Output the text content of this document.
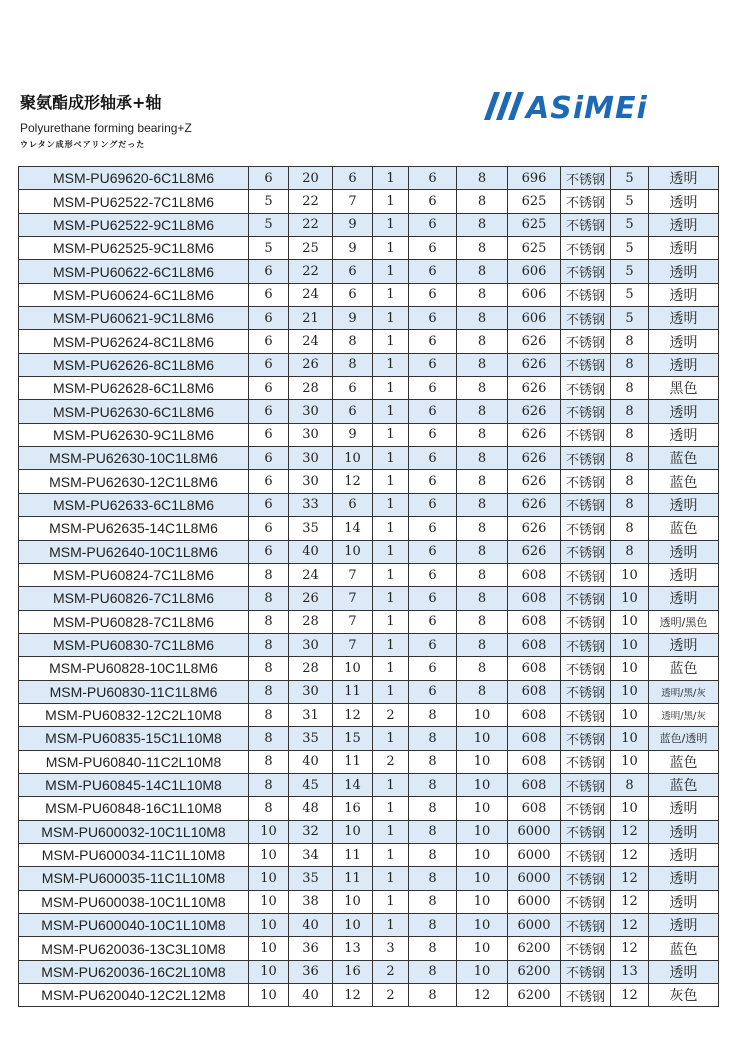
聚氨酯成形轴承+轴
Polyurethane forming bearing+Z
ウレタン成形ベアリングだった
ASiMEi
MSM-PU69620-6C1L8M6	6	20	6	1	6	8	696	不锈钢	5	透明
MSM-PU62522-7C1L8M6	5	22	7	1	6	8	625	不锈钢	5	透明
MSM-PU62522-9C1L8M6	5	22	9	1	6	8	625	不锈钢	5	透明
MSM-PU62525-9C1L8M6	5	25	9	1	6	8	625	不锈钢	5	透明
MSM-PU60622-6C1L8M6	6	22	6	1	6	8	606	不锈钢	5	透明
MSM-PU60624-6C1L8M6	6	24	6	1	6	8	606	不锈钢	5	透明
MSM-PU60621-9C1L8M6	6	21	9	1	6	8	606	不锈钢	5	透明
MSM-PU62624-8C1L8M6	6	24	8	1	6	8	626	不锈钢	8	透明
MSM-PU62626-8C1L8M6	6	26	8	1	6	8	626	不锈钢	8	透明
MSM-PU62628-6C1L8M6	6	28	6	1	6	8	626	不锈钢	8	黑色
MSM-PU62630-6C1L8M6	6	30	6	1	6	8	626	不锈钢	8	透明
MSM-PU62630-9C1L8M6	6	30	9	1	6	8	626	不锈钢	8	透明
MSM-PU62630-10C1L8M6	6	30	10	1	6	8	626	不锈钢	8	蓝色
MSM-PU62630-12C1L8M6	6	30	12	1	6	8	626	不锈钢	8	蓝色
MSM-PU62633-6C1L8M6	6	33	6	1	6	8	626	不锈钢	8	透明
MSM-PU62635-14C1L8M6	6	35	14	1	6	8	626	不锈钢	8	蓝色
MSM-PU62640-10C1L8M6	6	40	10	1	6	8	626	不锈钢	8	透明
MSM-PU60824-7C1L8M6	8	24	7	1	6	8	608	不锈钢	10	透明
MSM-PU60826-7C1L8M6	8	26	7	1	6	8	608	不锈钢	10	透明
MSM-PU60828-7C1L8M6	8	28	7	1	6	8	608	不锈钢	10	透明/黑色
MSM-PU60830-7C1L8M6	8	30	7	1	6	8	608	不锈钢	10	透明
MSM-PU60828-10C1L8M6	8	28	10	1	6	8	608	不锈钢	10	蓝色
MSM-PU60830-11C1L8M6	8	30	11	1	6	8	608	不锈钢	10	透明/黑/灰
MSM-PU60832-12C2L10M8	8	31	12	2	8	10	608	不锈钢	10	透明/黑/灰
MSM-PU60835-15C1L10M8	8	35	15	1	8	10	608	不锈钢	10	蓝色/透明
MSM-PU60840-11C2L10M8	8	40	11	2	8	10	608	不锈钢	10	蓝色
MSM-PU60845-14C1L10M8	8	45	14	1	8	10	608	不锈钢	8	蓝色
MSM-PU60848-16C1L10M8	8	48	16	1	8	10	608	不锈钢	10	透明
MSM-PU600032-10C1L10M8	10	32	10	1	8	10	6000	不锈钢	12	透明
MSM-PU600034-11C1L10M8	10	34	11	1	8	10	6000	不锈钢	12	透明
MSM-PU600035-11C1L10M8	10	35	11	1	8	10	6000	不锈钢	12	透明
MSM-PU600038-10C1L10M8	10	38	10	1	8	10	6000	不锈钢	12	透明
MSM-PU600040-10C1L10M8	10	40	10	1	8	10	6000	不锈钢	12	透明
MSM-PU620036-13C3L10M8	10	36	13	3	8	10	6200	不锈钢	12	蓝色
MSM-PU620036-16C2L10M8	10	36	16	2	8	10	6200	不锈钢	13	透明
MSM-PU620040-12C2L12M8	10	40	12	2	8	12	6200	不锈钢	12	灰色
